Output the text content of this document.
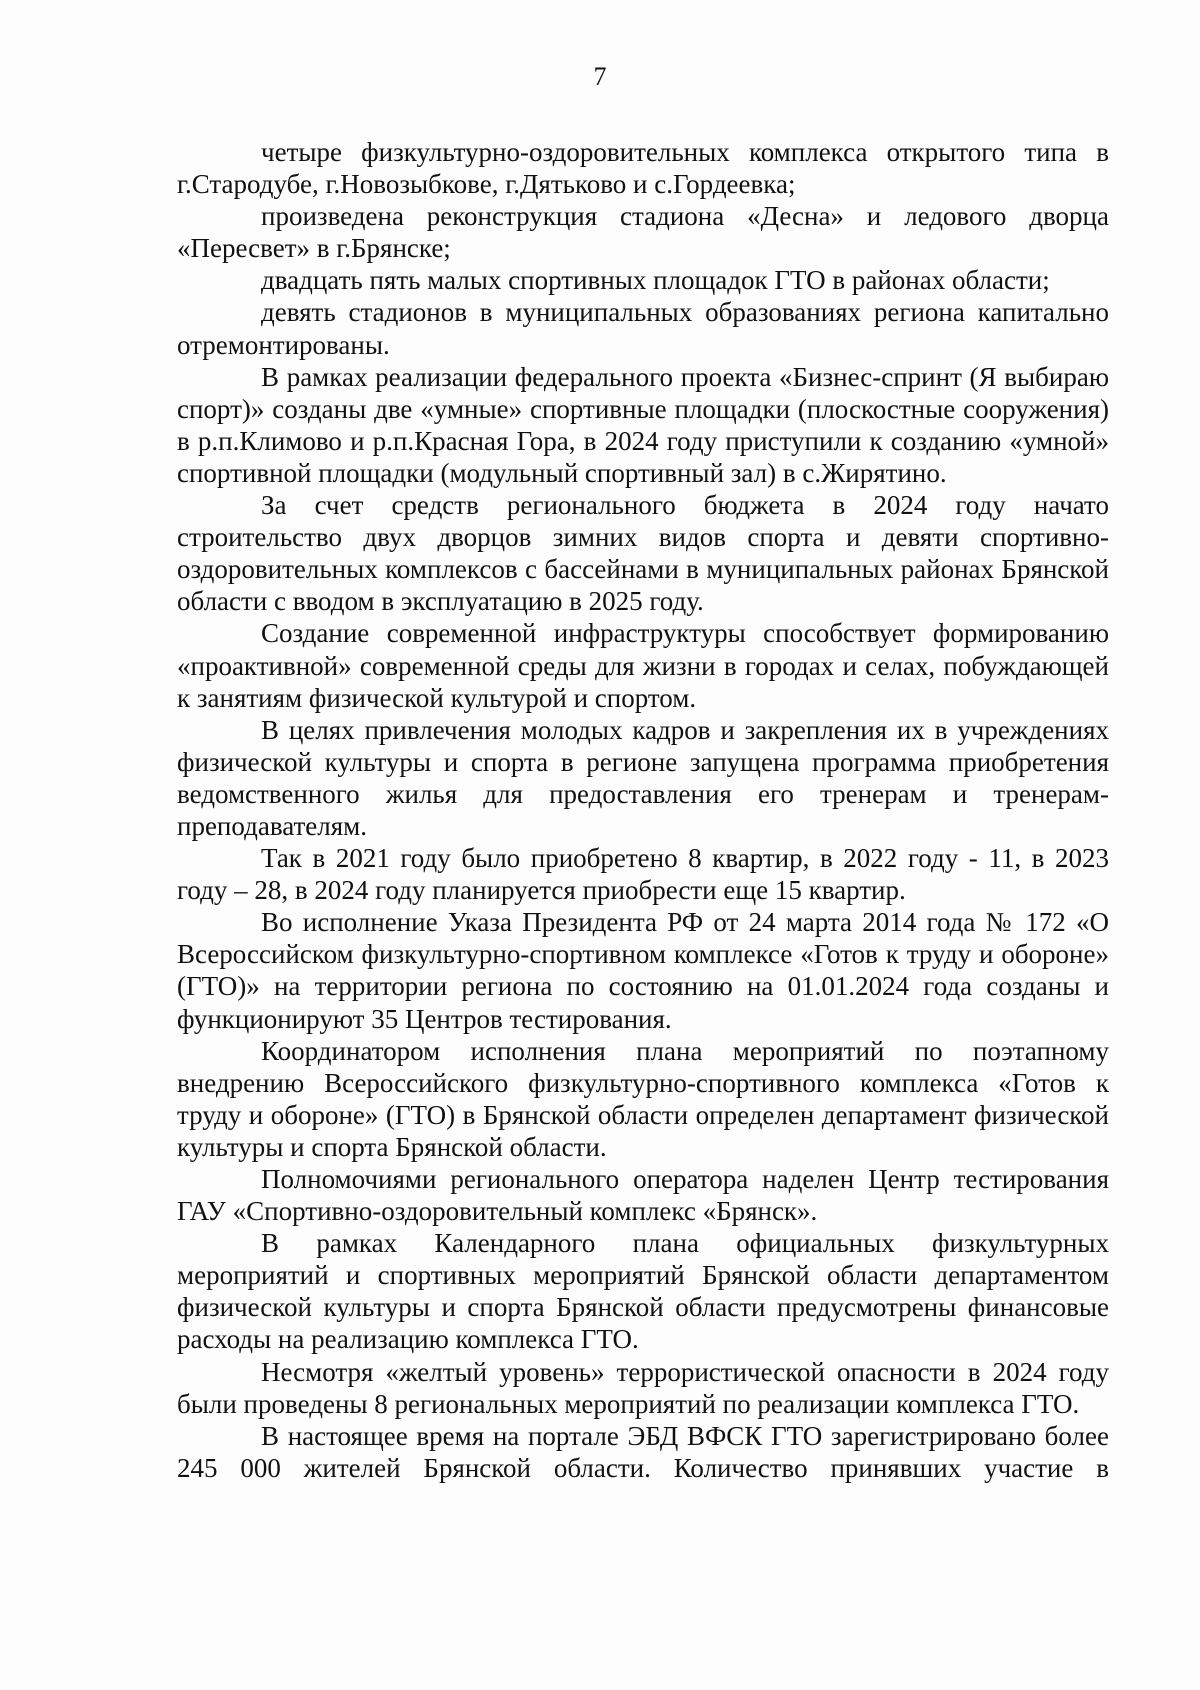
7

четыре физкультурно-оздоровительных комплекса открытого типа в г.Стародубе, г.Новозыбкове, г.Дятьково и с.Гордеевка;

произведена реконструкция стадиона «Десна» и ледового дворца «Пересвет» в г.Брянске;

двадцать пять малых спортивных площадок ГТО в районах области;

девять стадионов в муниципальных образованиях региона капитально отремонтированы.

В рамках реализации федерального проекта «Бизнес-спринт (Я выбираю спорт)» созданы две «умные» спортивные площадки (плоскостные сооружения) в р.п.Климово и р.п.Красная Гора, в 2024 году приступили к созданию «умной» спортивной площадки (модульный спортивный зал) в с.Жирятино.

За счет средств регионального бюджета в 2024 году начато строительство двух дворцов зимних видов спорта и девяти спортивно-оздоровительных комплексов с бассейнами в муниципальных районах Брянской области с вводом в эксплуатацию в 2025 году.

Создание современной инфраструктуры способствует формированию «проактивной» современной среды для жизни в городах и селах, побуждающей к занятиям физической культурой и спортом.

В целях привлечения молодых кадров и закрепления их в учреждениях физической культуры и спорта в регионе запущена программа приобретения ведомственного жилья для предоставления его тренерам и тренерам-преподавателям.

Так в 2021 году было приобретено 8 квартир, в 2022 году - 11, в 2023 году – 28, в 2024 году планируется приобрести еще 15 квартир.

Во исполнение Указа Президента РФ от 24 марта 2014 года № 172 «О Всероссийском физкультурно-спортивном комплексе «Готов к труду и обороне» (ГТО)» на территории региона по состоянию на 01.01.2024 года созданы и функционируют 35 Центров тестирования.

Координатором исполнения плана мероприятий по поэтапному внедрению Всероссийского физкультурно-спортивного комплекса «Готов к труду и обороне» (ГТО) в Брянской области определен департамент физической культуры и спорта Брянской области.

Полномочиями регионального оператора наделен Центр тестирования ГАУ «Спортивно-оздоровительный комплекс «Брянск».

В рамках Календарного плана официальных физкультурных мероприятий и спортивных мероприятий Брянской области департаментом физической культуры и спорта Брянской области предусмотрены финансовые расходы на реализацию комплекса ГТО.

Несмотря «желтый уровень» террористической опасности в 2024 году были проведены 8 региональных мероприятий по реализации комплекса ГТО.

В настоящее время на портале ЭБД ВФСК ГТО зарегистрировано более 245 000 жителей Брянской области. Количество принявших участие в
